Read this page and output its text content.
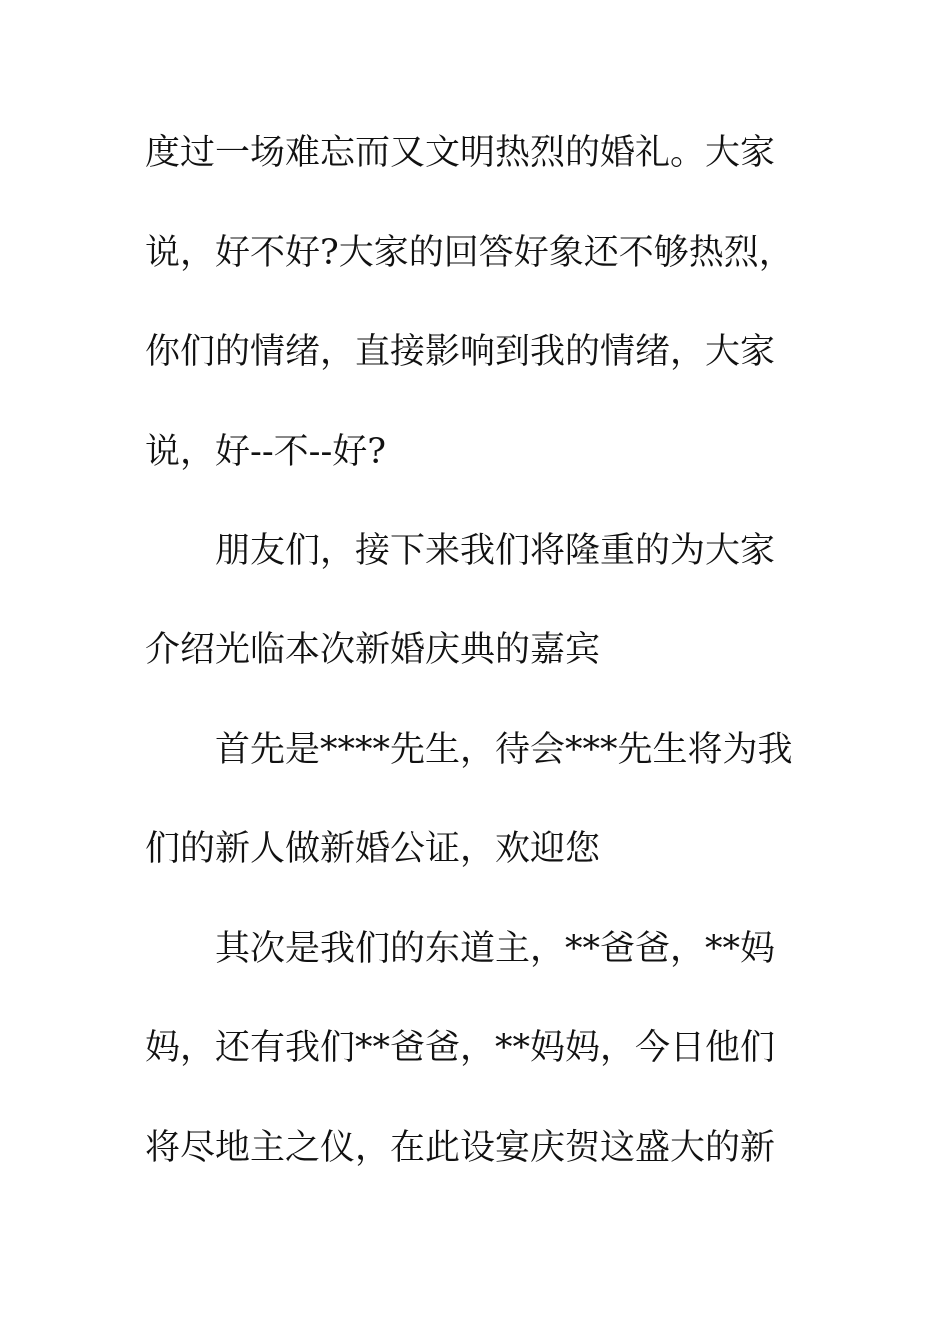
度过一场难忘而又文明热烈的婚礼。大家
说，好不好?大家的回答好象还不够热烈，
你们的情绪，直接影响到我的情绪，大家
说，好--不--好?
朋友们，接下来我们将隆重的为大家
介绍光临本次新婚庆典的嘉宾
首先是****先生，待会***先生将为我
们的新人做新婚公证，欢迎您
其次是我们的东道主，**爸爸，**妈
妈，还有我们**爸爸，**妈妈，今日他们
将尽地主之仪，在此设宴庆贺这盛大的新
